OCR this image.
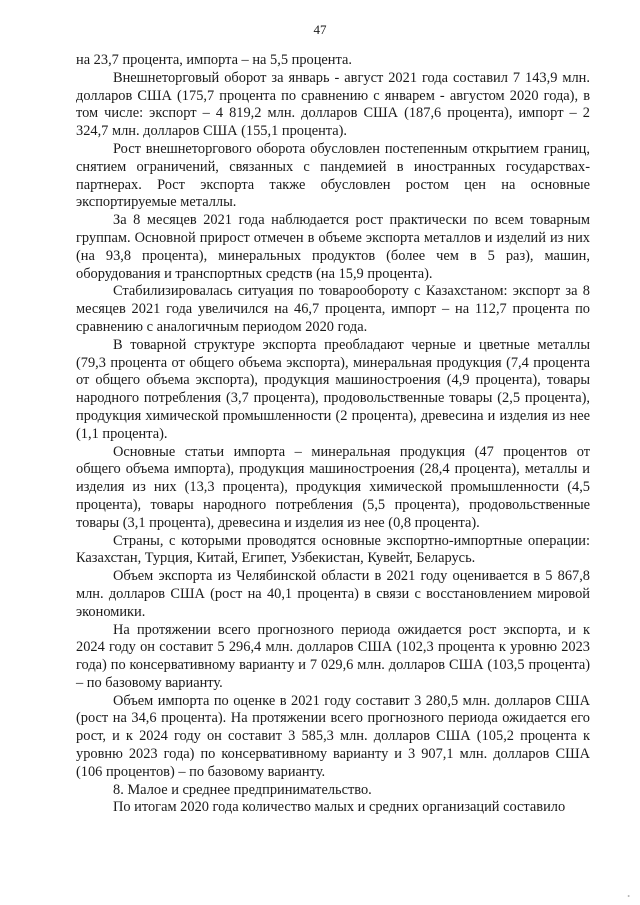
47

на 23,7 процента, импорта – на 5,5 процента.

Внешнеторговый оборот за январь - август 2021 года составил 7 143,9 млн. долларов США (175,7 процента по сравнению с январем - августом 2020 года), в том числе: экспорт – 4 819,2 млн. долларов США (187,6 процента), импорт – 2 324,7 млн. долларов США (155,1 процента).

Рост внешнеторгового оборота обусловлен постепенным открытием границ, снятием ограничений, связанных с пандемией в иностранных государствах-партнерах. Рост экспорта также обусловлен ростом цен на основные экспортируемые металлы.

За 8 месяцев 2021 года наблюдается рост практически по всем товарным группам. Основной прирост отмечен в объеме экспорта металлов и изделий из них (на 93,8 процента), минеральных продуктов (более чем в 5 раз), машин, оборудования и транспортных средств (на 15,9 процента).

Стабилизировалась ситуация по товарообороту с Казахстаном: экспорт за 8 месяцев 2021 года увеличился на 46,7 процента, импорт – на 112,7 процента по сравнению с аналогичным периодом 2020 года.

В товарной структуре экспорта преобладают черные и цветные металлы (79,3 процента от общего объема экспорта), минеральная продукция (7,4 процента от общего объема экспорта), продукция машиностроения (4,9 процента), товары народного потребления (3,7 процента), продовольственные товары (2,5 процента), продукция химической промышленности (2 процента), древесина и изделия из нее (1,1 процента).

Основные статьи импорта – минеральная продукция (47 процентов от общего объема импорта), продукция машиностроения (28,4 процента), металлы и изделия из них (13,3 процента), продукция химической промышленности (4,5 процента), товары народного потребления (5,5 процента), продовольственные товары (3,1 процента), древесина и изделия из нее (0,8 процента).

Страны, с которыми проводятся основные экспортно-импортные операции: Казахстан, Турция, Китай, Египет, Узбекистан, Кувейт, Беларусь.

Объем экспорта из Челябинской области в 2021 году оценивается в 5 867,8 млн. долларов США (рост на 40,1 процента) в связи с восстановлением мировой экономики.

На протяжении всего прогнозного периода ожидается рост экспорта, и к 2024 году он составит 5 296,4 млн. долларов США (102,3 процента к уровню 2023 года) по консервативному варианту и 7 029,6 млн. долларов США (103,5 процента) – по базовому варианту.

Объем импорта по оценке в 2021 году составит 3 280,5 млн. долларов США (рост на 34,6 процента). На протяжении всего прогнозного периода ожидается его рост, и к 2024 году он составит 3 585,3 млн. долларов США (105,2 процента к уровню 2023 года) по консервативному варианту и 3 907,1 млн. долларов США (106 процентов) – по базовому варианту.

8. Малое и среднее предпринимательство.

По итогам 2020 года количество малых и средних организаций составило

•
